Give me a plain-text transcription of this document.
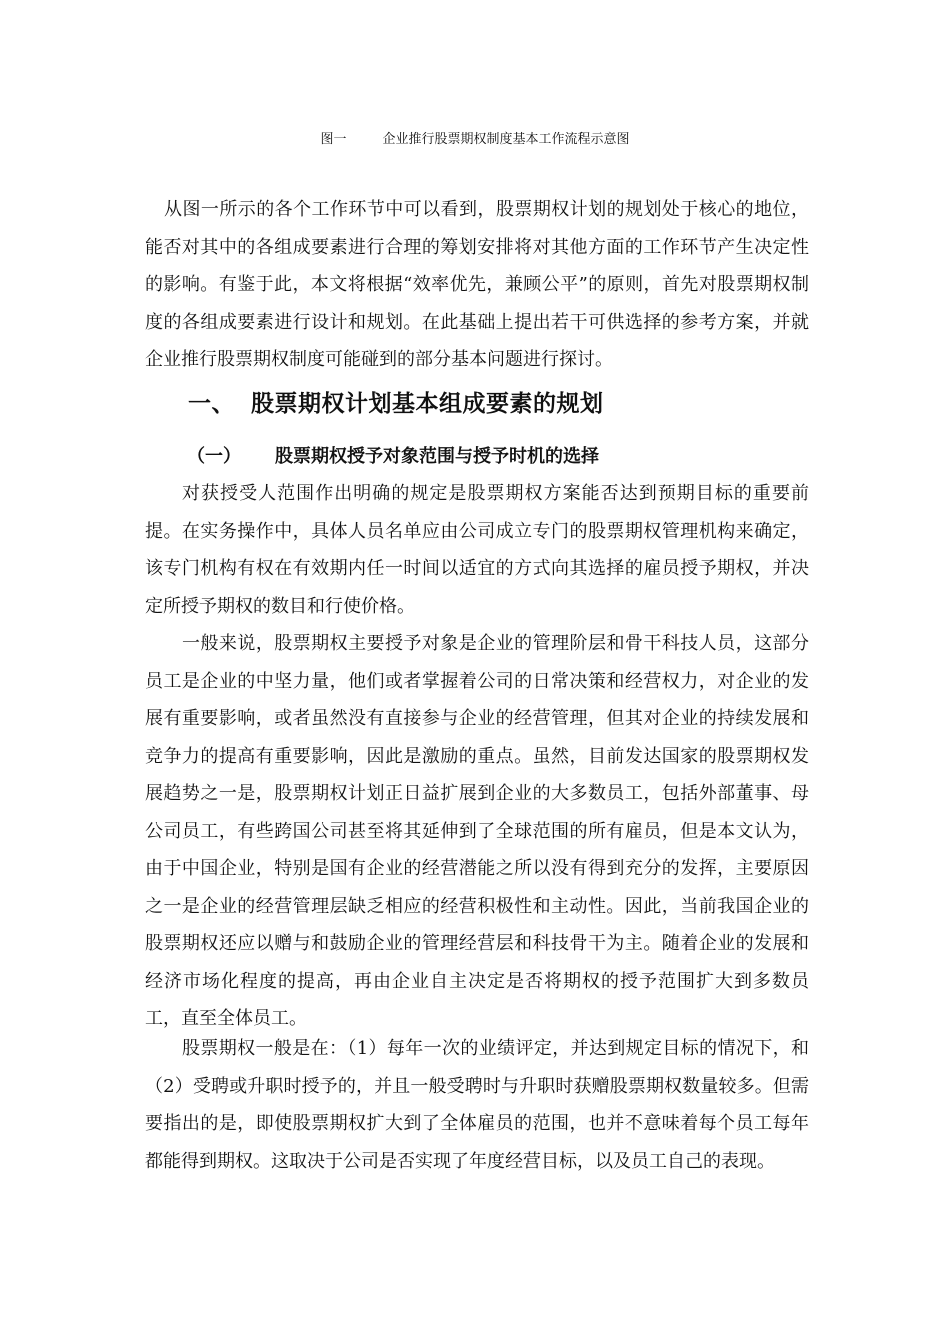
图一	企业推行股票期权制度基本工作流程示意图

从图一所示的各个工作环节中可以看到，股票期权计划的规划处于核心的地位，能否对其中的各组成要素进行合理的筹划安排将对其他方面的工作环节产生决定性的影响。有鉴于此，本文将根据“效率优先，兼顾公平”的原则，首先对股票期权制度的各组成要素进行设计和规划。在此基础上提出若干可供选择的参考方案，并就企业推行股票期权制度可能碰到的部分基本问题进行探讨。

一、 股票期权计划基本组成要素的规划
（一） 股票期权授予对象范围与授予时机的选择

对获授受人范围作出明确的规定是股票期权方案能否达到预期目标的重要前提。在实务操作中，具体人员名单应由公司成立专门的股票期权管理机构来确定，该专门机构有权在有效期内任一时间以适宜的方式向其选择的雇员授予期权，并决定所授予期权的数目和行使价格。

一般来说，股票期权主要授予对象是企业的管理阶层和骨干科技人员，这部分员工是企业的中坚力量，他们或者掌握着公司的日常决策和经营权力，对企业的发展有重要影响，或者虽然没有直接参与企业的经营管理，但其对企业的持续发展和竞争力的提高有重要影响，因此是激励的重点。虽然，目前发达国家的股票期权发展趋势之一是，股票期权计划正日益扩展到企业的大多数员工，包括外部董事、母公司员工，有些跨国公司甚至将其延伸到了全球范围的所有雇员，但是本文认为，由于中国企业，特别是国有企业的经营潜能之所以没有得到充分的发挥，主要原因之一是企业的经营管理层缺乏相应的经营积极性和主动性。因此，当前我国企业的股票期权还应以赠与和鼓励企业的管理经营层和科技骨干为主。随着企业的发展和经济市场化程度的提高，再由企业自主决定是否将期权的授予范围扩大到多数员工，直至全体员工。

股票期权一般是在：（1）每年一次的业绩评定，并达到规定目标的情况下，和（2）受聘或升职时授予的，并且一般受聘时与升职时获赠股票期权数量较多。但需要指出的是，即使股票期权扩大到了全体雇员的范围，也并不意味着每个员工每年都能得到期权。这取决于公司是否实现了年度经营目标，以及员工自己的表现。
